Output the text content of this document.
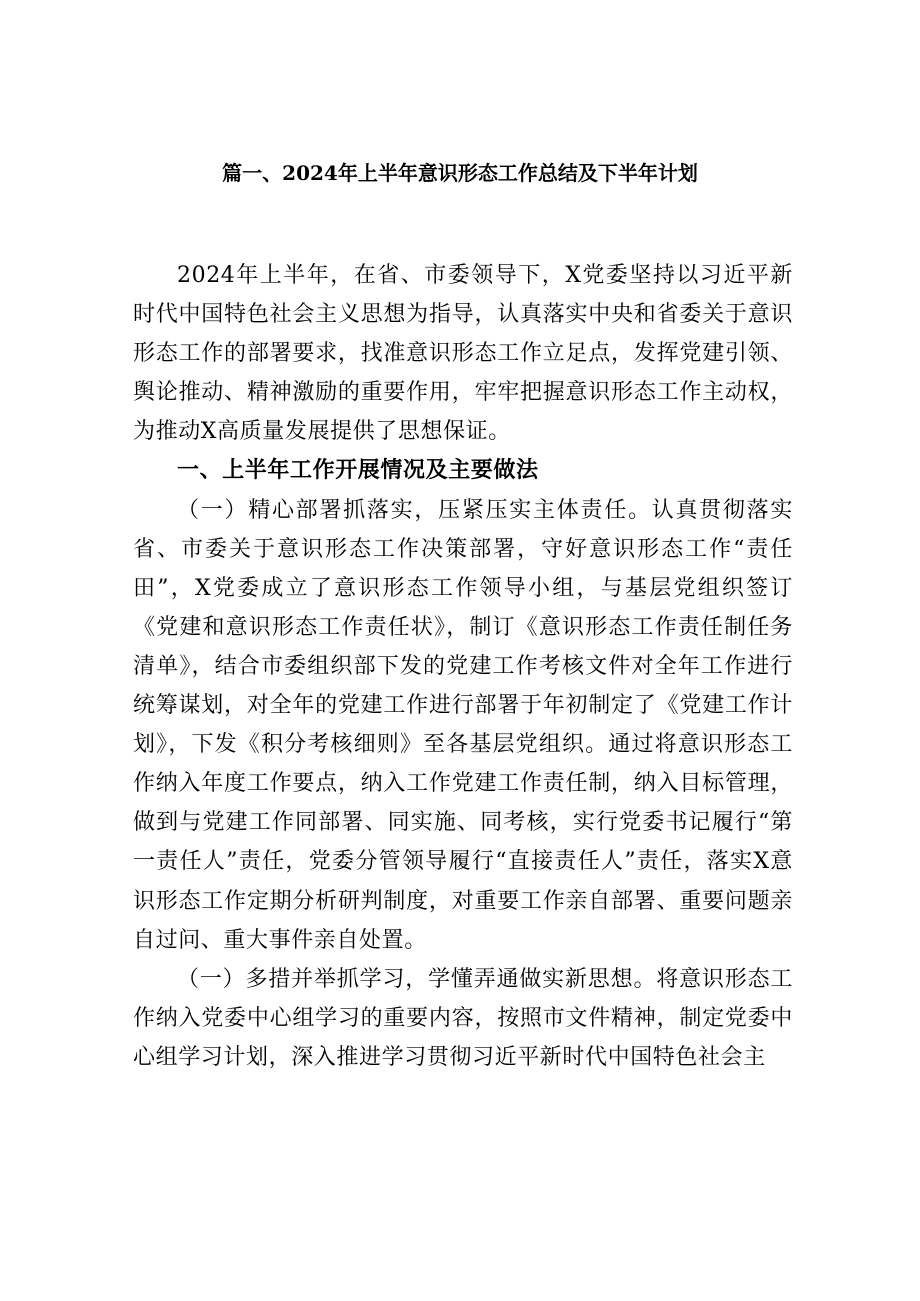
篇一、2024年上半年意识形态工作总结及下半年计划

2024年上半年，在省、市委领导下，X党委坚持以习近平新时代中国特色社会主义思想为指导，认真落实中央和省委关于意识形态工作的部署要求，找准意识形态工作立足点，发挥党建引领、舆论推动、精神激励的重要作用，牢牢把握意识形态工作主动权，为推动X高质量发展提供了思想保证。

一、上半年工作开展情况及主要做法

（一）精心部署抓落实，压紧压实主体责任。认真贯彻落实省、市委关于意识形态工作决策部署，守好意识形态工作“责任田”，X党委成立了意识形态工作领导小组，与基层党组织签订《党建和意识形态工作责任状》，制订《意识形态工作责任制任务清单》，结合市委组织部下发的党建工作考核文件对全年工作进行统筹谋划，对全年的党建工作进行部署于年初制定了《党建工作计划》，下发《积分考核细则》至各基层党组织。通过将意识形态工作纳入年度工作要点，纳入工作党建工作责任制，纳入目标管理，做到与党建工作同部署、同实施、同考核，实行党委书记履行“第一责任人”责任，党委分管领导履行“直接责任人”责任，落实X意识形态工作定期分析研判制度，对重要工作亲自部署、重要问题亲自过问、重大事件亲自处置。

（一）多措并举抓学习，学懂弄通做实新思想。将意识形态工作纳入党委中心组学习的重要内容，按照市文件精神，制定党委中心组学习计划，深入推进学习贯彻习近平新时代中国特色社会主
